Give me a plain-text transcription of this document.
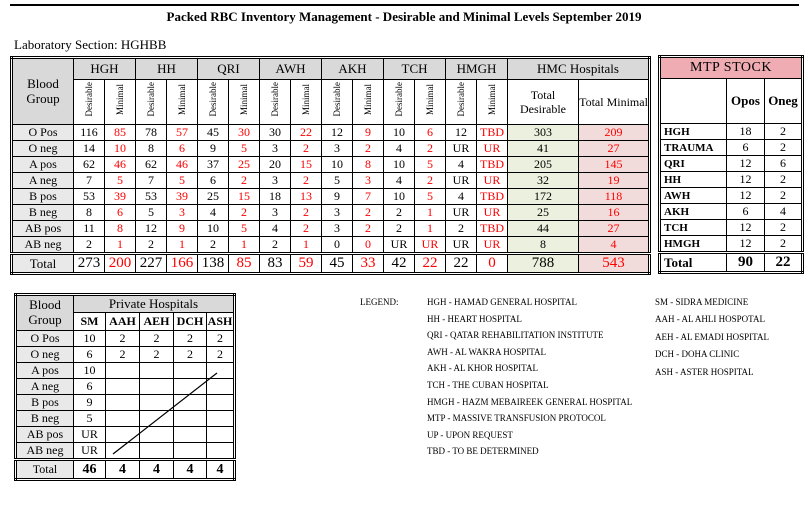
Packed RBC Inventory Management - Desirable and Minimal Levels September 2019
Laboratory Section: HGHBB
Blood Group	HGH		HH		QRI		AWH		AKH		TCH		HMGH		HMC Hospitals	
	Desirable	Minimal	Desirable	Minimal	Desirable	Minimal	Desirable	Minimal	Desirable	Minimal	Desirable	Minimal	Desirable	Minimal	Total Desirable	Total Minimal
O Pos	116	85	78	57	45	30	30	22	12	9	10	6	12	TBD	303	209
O neg	14	10	8	6	9	5	3	2	3	2	4	2	UR	UR	41	27
A pos	62	46	62	46	37	25	20	15	10	8	10	5	4	TBD	205	145
A neg	7	5	7	5	6	2	3	2	5	3	4	2	UR	UR	32	19
B pos	53	39	53	39	25	15	18	13	9	7	10	5	4	TBD	172	118
B neg	8	6	5	3	4	2	3	2	3	2	2	1	UR	UR	25	16
AB pos	11	8	12	9	10	5	4	2	3	2	2	1	2	TBD	44	27
AB neg	2	1	2	1	2	1	2	1	0	0	UR	UR	UR	UR	8	4
Total	273	200	227	166	138	85	83	59	45	33	42	22	22	0	788	543
MTP STOCK		
	Opos	Oneg
HGH	18	2
TRAUMA	6	2
QRI	12	6
HH	12	2
AWH	12	2
AKH	6	4
TCH	12	2
HMGH	12	2
Total	90	22
Blood Group	Private Hospitals				
	SM	AAH	AEH	DCH	ASH
O Pos	10	2	2	2	2
O neg	6	2	2	2	2
A pos	10				
A neg	6				
B pos	9				
B neg	5				
AB pos	UR				
AB neg	UR				
Total	46	4	4	4	4
LEGEND:	HGH - HAMAD GENERAL HOSPITAL
HH - HEART HOSPITAL
QRI - QATAR REHABILITATION INSTITUTE
AWH - AL WAKRA HOSPITAL
AKH - AL KHOR HOSPITAL
TCH - THE CUBAN HOSPITAL
HMGH - HAZM MEBAIREEK GENERAL HOSPITAL
MTP - MASSIVE TRANSFUSION PROTOCOL
UP - UPON REQUEST
TBD - TO BE DETERMINED
SM - SIDRA MEDICINE
AAH - AL AHLI HOSPOTAL
AEH - AL EMADI HOSPITAL
DCH - DOHA CLINIC
ASH - ASTER HOSPITAL
